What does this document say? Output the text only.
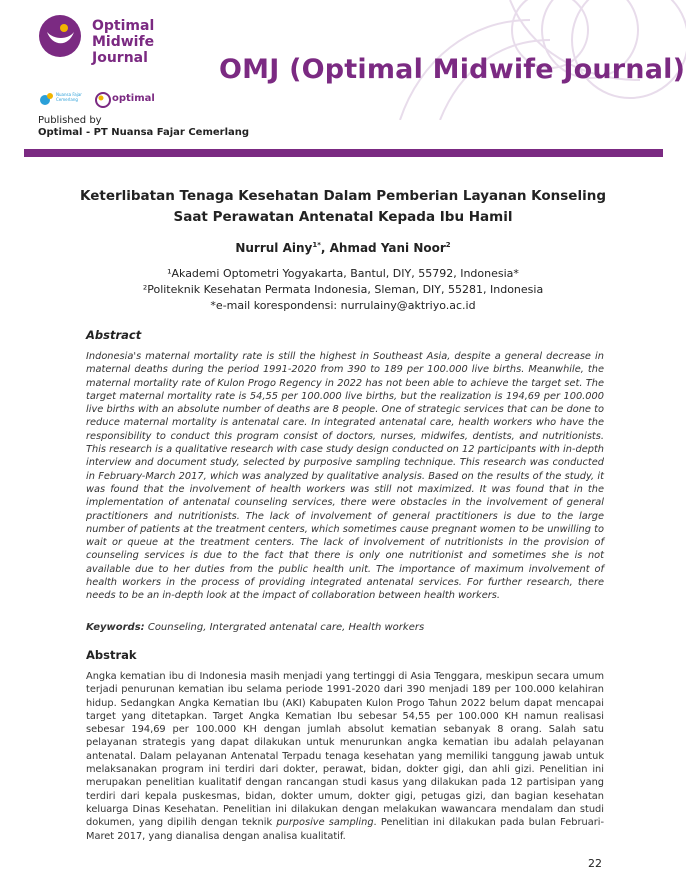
Optimal
Midwife
Journal
Nuansa Fajar Cemerlang	optimal
Published by
Optimal - PT Nuansa Fajar Cemerlang
OMJ (Optimal Midwife Journal)
Keterlibatan Tenaga Kesehatan Dalam Pemberian Layanan Konseling
Saat Perawatan Antenatal Kepada Ibu Hamil
Nurrul Ainy$^{1*}$, Ahmad Yani Noor$^2$
¹Akademi Optometri Yogyakarta, Bantul, DIY, 55792, Indonesia*
²Politeknik Kesehatan Permata Indonesia, Sleman, DIY, 55281, Indonesia
*e-mail korespondensi: nurrulainy@aktriyo.ac.id
Abstract
Indonesia's maternal mortality rate is still the highest in Southeast Asia, despite a general decrease in maternal deaths during the period 1991-2020 from 390 to 189 per 100.000 live births. Meanwhile, the maternal mortality rate of Kulon Progo Regency in 2022 has not been able to achieve the target set. The target maternal mortality rate is 54,55 per 100.000 live births, but the realization is 194,69 per 100.000 live births with an absolute number of deaths are 8 people. One of strategic services that can be done to reduce maternal mortality is antenatal care. In integrated antenatal care, health workers who have the responsibility to conduct this program consist of doctors, nurses, midwifes, dentists, and nutritionists. This research is a qualitative research with case study design conducted on 12 participants with in-depth interview and document study, selected by purposive sampling technique. This research was conducted in February-March 2017, which was analyzed by qualitative analysis. Based on the results of the study, it was found that the involvement of health workers was still not maximized. It was found that in the implementation of antenatal counseling services, there were obstacles in the involvement of general practitioners and nutritionists. The lack of involvement of general practitioners is due to the large number of patients at the treatment centers, which sometimes cause pregnant women to be unwilling to wait or queue at the treatment centers. The lack of involvement of nutritionists in the provision of counseling services is due to the fact that there is only one nutritionist and sometimes she is not available due to her duties from the public health unit. The importance of maximum involvement of health workers in the process of providing integrated antenatal services. For further research, there needs to be an in-depth look at the impact of collaboration between health workers.
Keywords: Counseling, Intergrated antenatal care, Health workers
Abstrak
Angka kematian ibu di Indonesia masih menjadi yang tertinggi di Asia Tenggara, meskipun secara umum terjadi penurunan kematian ibu selama periode 1991-2020 dari 390 menjadi 189 per 100.000 kelahiran hidup. Sedangkan Angka Kematian Ibu (AKI) Kabupaten Kulon Progo Tahun 2022 belum dapat mencapai target yang ditetapkan. Target Angka Kematian Ibu sebesar 54,55 per 100.000 KH namun realisasi sebesar 194,69 per 100.000 KH dengan jumlah absolut kematian sebanyak 8 orang. Salah satu pelayanan strategis yang dapat dilakukan untuk menurunkan angka kematian ibu adalah pelayanan antenatal. Dalam pelayanan Antenatal Terpadu tenaga kesehatan yang memiliki tanggung jawab untuk melaksanakan program ini terdiri dari dokter, perawat, bidan, dokter gigi, dan ahli gizi. Penelitian ini merupakan penelitian kualitatif dengan rancangan studi kasus yang dilakukan pada 12 partisipan yang terdiri dari kepala puskesmas, bidan, dokter umum, dokter gigi, petugas gizi, dan bagian kesehatan keluarga Dinas Kesehatan. Penelitian ini dilakukan dengan melakukan wawancara mendalam dan studi dokumen, yang dipilih dengan teknik purposive sampling. Penelitian ini dilakukan pada bulan Februari-Maret 2017, yang dianalisa dengan analisa kualitatif.
22
